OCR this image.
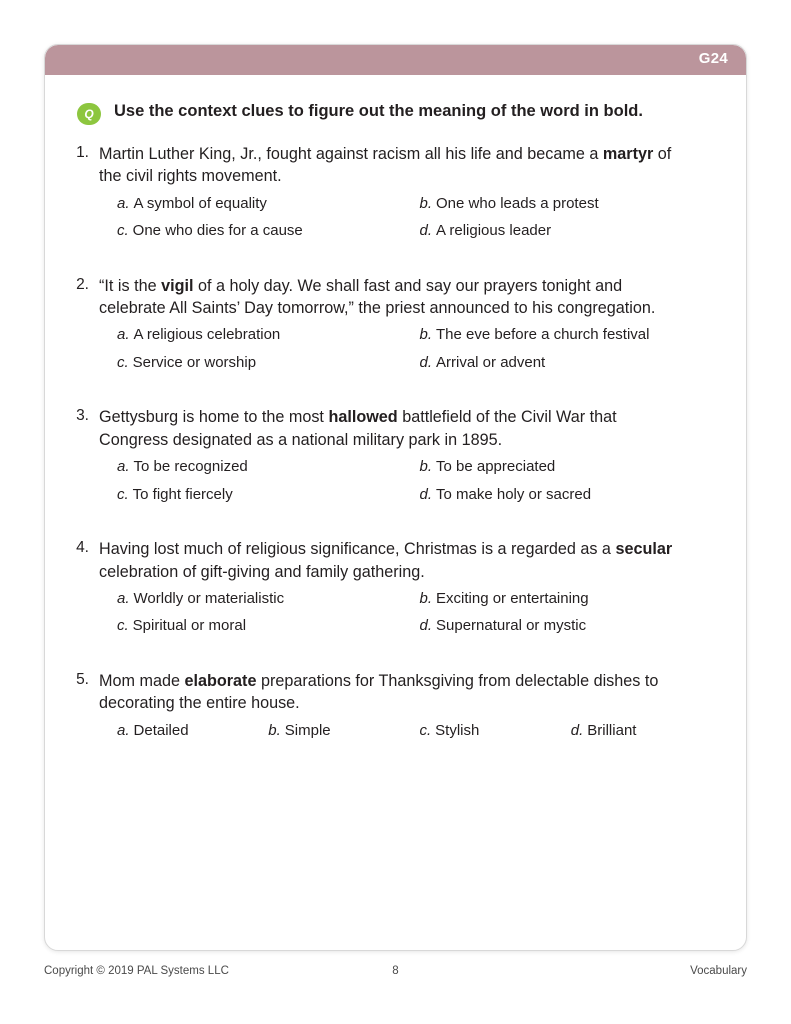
G24
Q	Use the context clues to figure out the meaning of the word in bold.
1. Martin Luther King, Jr., fought against racism all his life and became a martyr of the civil rights movement.

a. A symbol of equality	b. One who leads a protest
c. One who dies for a cause	d. A religious leader
2. “It is the vigil of a holy day. We shall fast and say our prayers tonight and celebrate All Saints’ Day tomorrow,” the priest announced to his congregation.

a. A religious celebration	b. The eve before a church festival
c. Service or worship	d. Arrival or advent
3. Gettysburg is home to the most hallowed battlefield of the Civil War that Congress designated as a national military park in 1895.

a. To be recognized	b. To be appreciated
c. To fight fiercely	d. To make holy or sacred
4. Having lost much of religious significance, Christmas is a regarded as a secular celebration of gift-giving and family gathering.

a. Worldly or materialistic	b. Exciting or entertaining
c. Spiritual or moral	d. Supernatural or mystic
5. Mom made elaborate preparations for Thanksgiving from delectable dishes to decorating the entire house.

a. Detailed	b. Simple	c. Stylish	d. Brilliant
Copyright © 2019 PAL Systems LLC	8	Vocabulary
